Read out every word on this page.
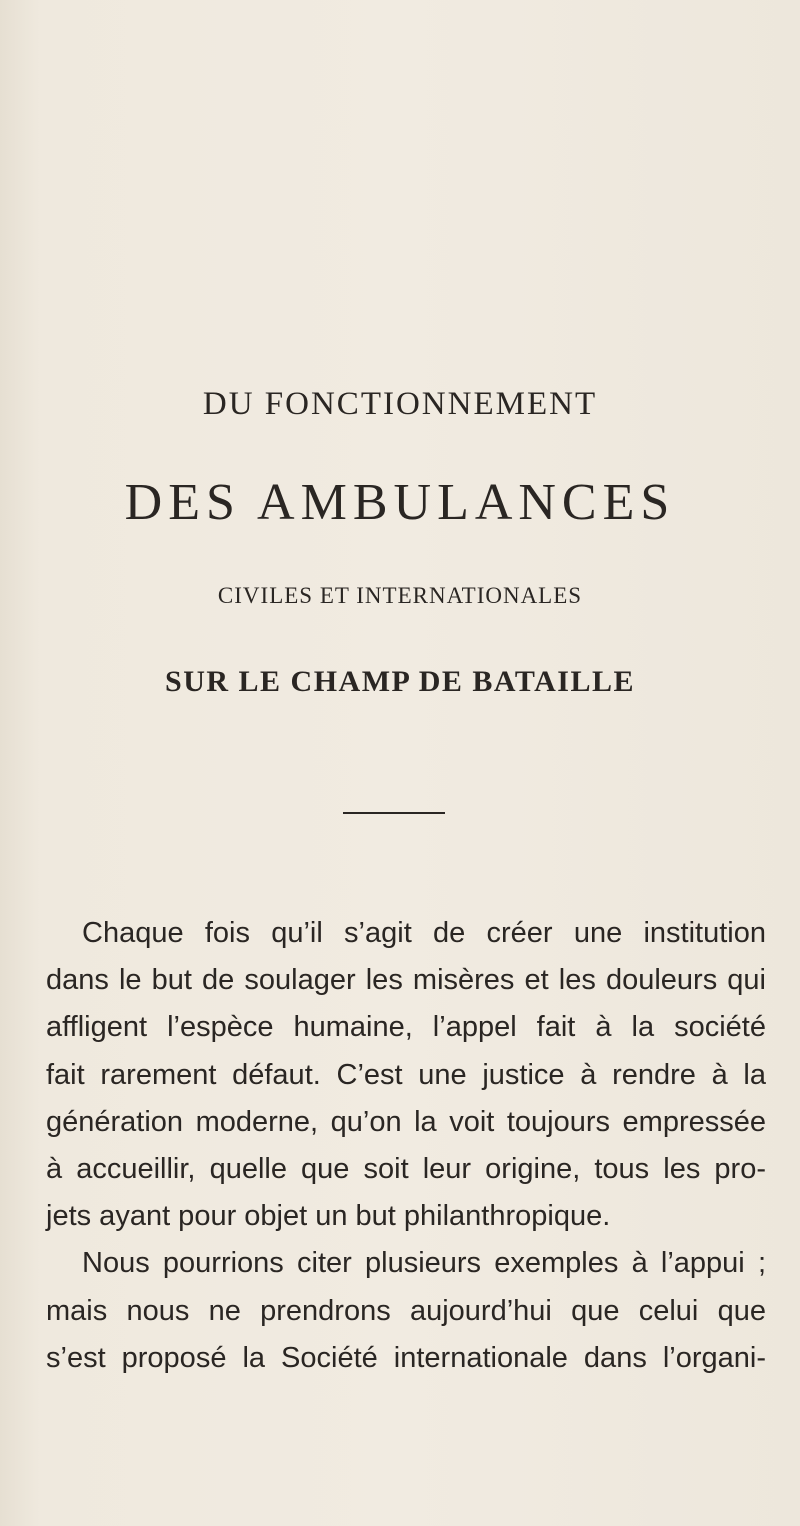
DU FONCTIONNEMENT
DES AMBULANCES
CIVILES ET INTERNATIONALES
SUR LE CHAMP DE BATAILLE
Chaque fois qu’il s’agit de créer une institution
dans le but de soulager les misères et les douleurs qui
affligent l’espèce humaine, l’appel fait à la société
fait rarement défaut. C’est une justice à rendre à la
génération moderne, qu’on la voit toujours empressée
à accueillir, quelle que soit leur origine, tous les pro-
jets ayant pour objet un but philanthropique.
Nous pourrions citer plusieurs exemples à l’appui ;
mais nous ne prendrons aujourd’hui que celui que
s’est proposé la Société internationale dans l’organi-
